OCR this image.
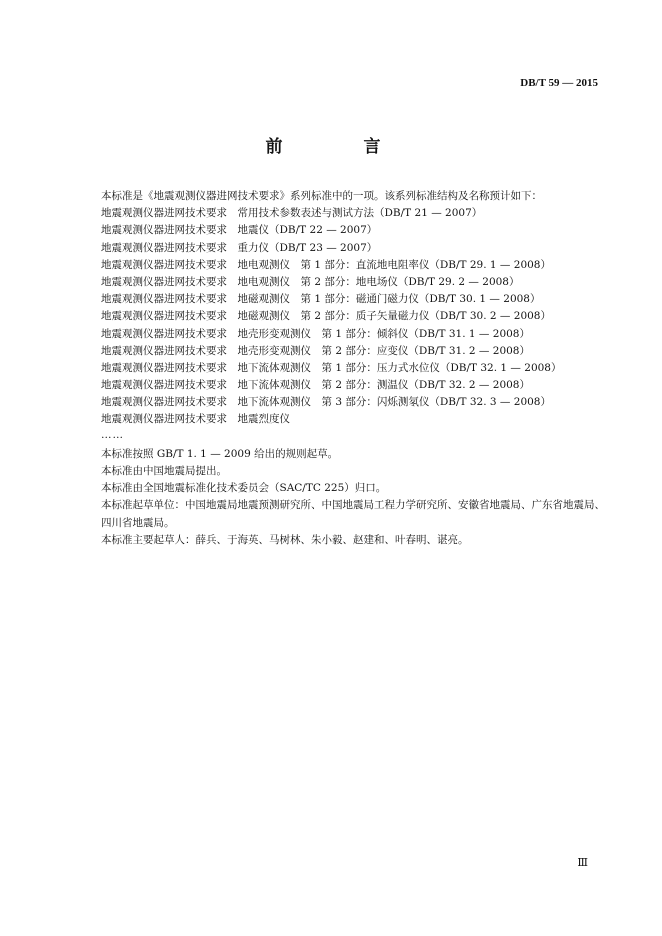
DB/T 59 — 2015
前　言
本标准是《地震观测仪器进网技术要求》系列标准中的一项。该系列标准结构及名称预计如下：
地震观测仪器进网技术要求　常用技术参数表述与测试方法（DB/T 21 — 2007）
地震观测仪器进网技术要求　地震仪（DB/T 22 — 2007）
地震观测仪器进网技术要求　重力仪（DB/T 23 — 2007）
地震观测仪器进网技术要求　地电观测仪　第 1 部分：直流地电阻率仪（DB/T 29. 1 — 2008）
地震观测仪器进网技术要求　地电观测仪　第 2 部分：地电场仪（DB/T 29. 2 — 2008）
地震观测仪器进网技术要求　地磁观测仪　第 1 部分：磁通门磁力仪（DB/T 30. 1 — 2008）
地震观测仪器进网技术要求　地磁观测仪　第 2 部分：质子矢量磁力仪（DB/T 30. 2 — 2008）
地震观测仪器进网技术要求　地壳形变观测仪　第 1 部分：倾斜仪（DB/T 31. 1 — 2008）
地震观测仪器进网技术要求　地壳形变观测仪　第 2 部分：应变仪（DB/T 31. 2 — 2008）
地震观测仪器进网技术要求　地下流体观测仪　第 1 部分：压力式水位仪（DB/T 32. 1 — 2008）
地震观测仪器进网技术要求　地下流体观测仪　第 2 部分：测温仪（DB/T 32. 2 — 2008）
地震观测仪器进网技术要求　地下流体观测仪　第 3 部分：闪烁测氡仪（DB/T 32. 3 — 2008）
地震观测仪器进网技术要求　地震烈度仪
……
本标准按照 GB/T 1. 1 — 2009 给出的规则起草。
本标准由中国地震局提出。
本标准由全国地震标准化技术委员会（SAC/TC 225）归口。
本标准起草单位：中国地震局地震预测研究所、中国地震局工程力学研究所、安徽省地震局、广东省地震局、四川省地震局。
本标准主要起草人：薛兵、于海英、马树林、朱小毅、赵建和、叶春明、谌亮。
Ⅲ
